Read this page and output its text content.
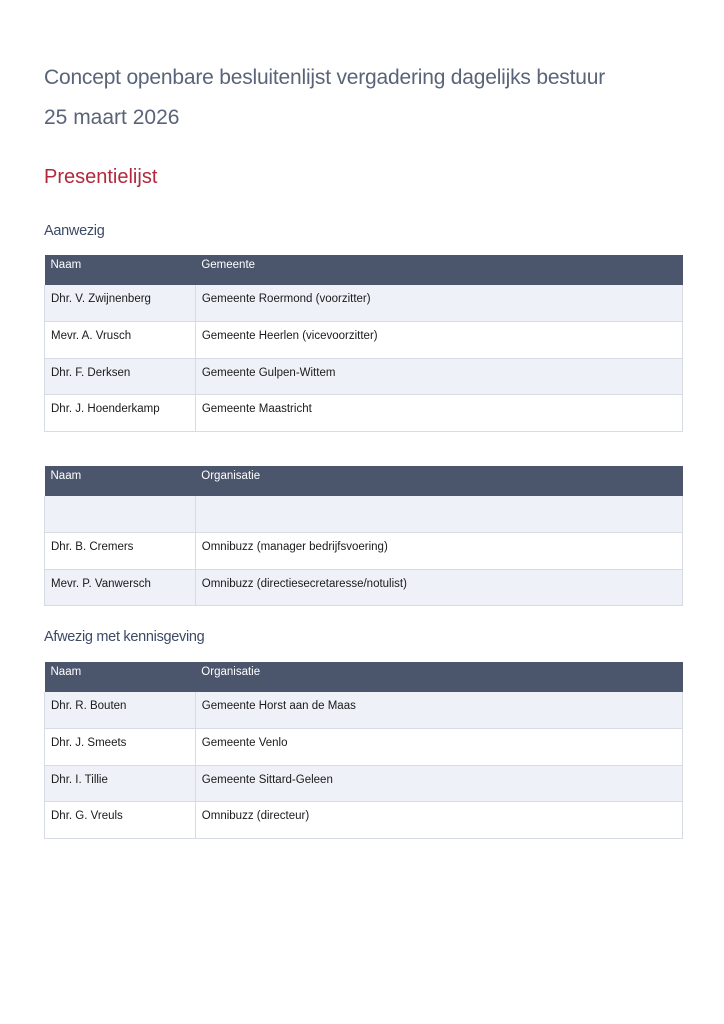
Concept openbare besluitenlijst vergadering dagelijks bestuur
25 maart 2026
Presentielijst
Aanwezig
Naam	Gemeente
Dhr. V. Zwijnenberg	Gemeente Roermond (voorzitter)
Mevr. A. Vrusch	Gemeente Heerlen (vicevoorzitter)
Dhr. F. Derksen	Gemeente Gulpen-Wittem
Dhr. J. Hoenderkamp	Gemeente Maastricht
Naam	Organisatie

Dhr. B. Cremers	Omnibuzz (manager bedrijfsvoering)
Mevr. P. Vanwersch	Omnibuzz (directiesecretaresse/notulist)
Afwezig met kennisgeving
Naam	Organisatie
Dhr. R. Bouten	Gemeente Horst aan de Maas
Dhr. J. Smeets	Gemeente Venlo
Dhr. I. Tillie	Gemeente Sittard-Geleen
Dhr. G. Vreuls	Omnibuzz (directeur)
